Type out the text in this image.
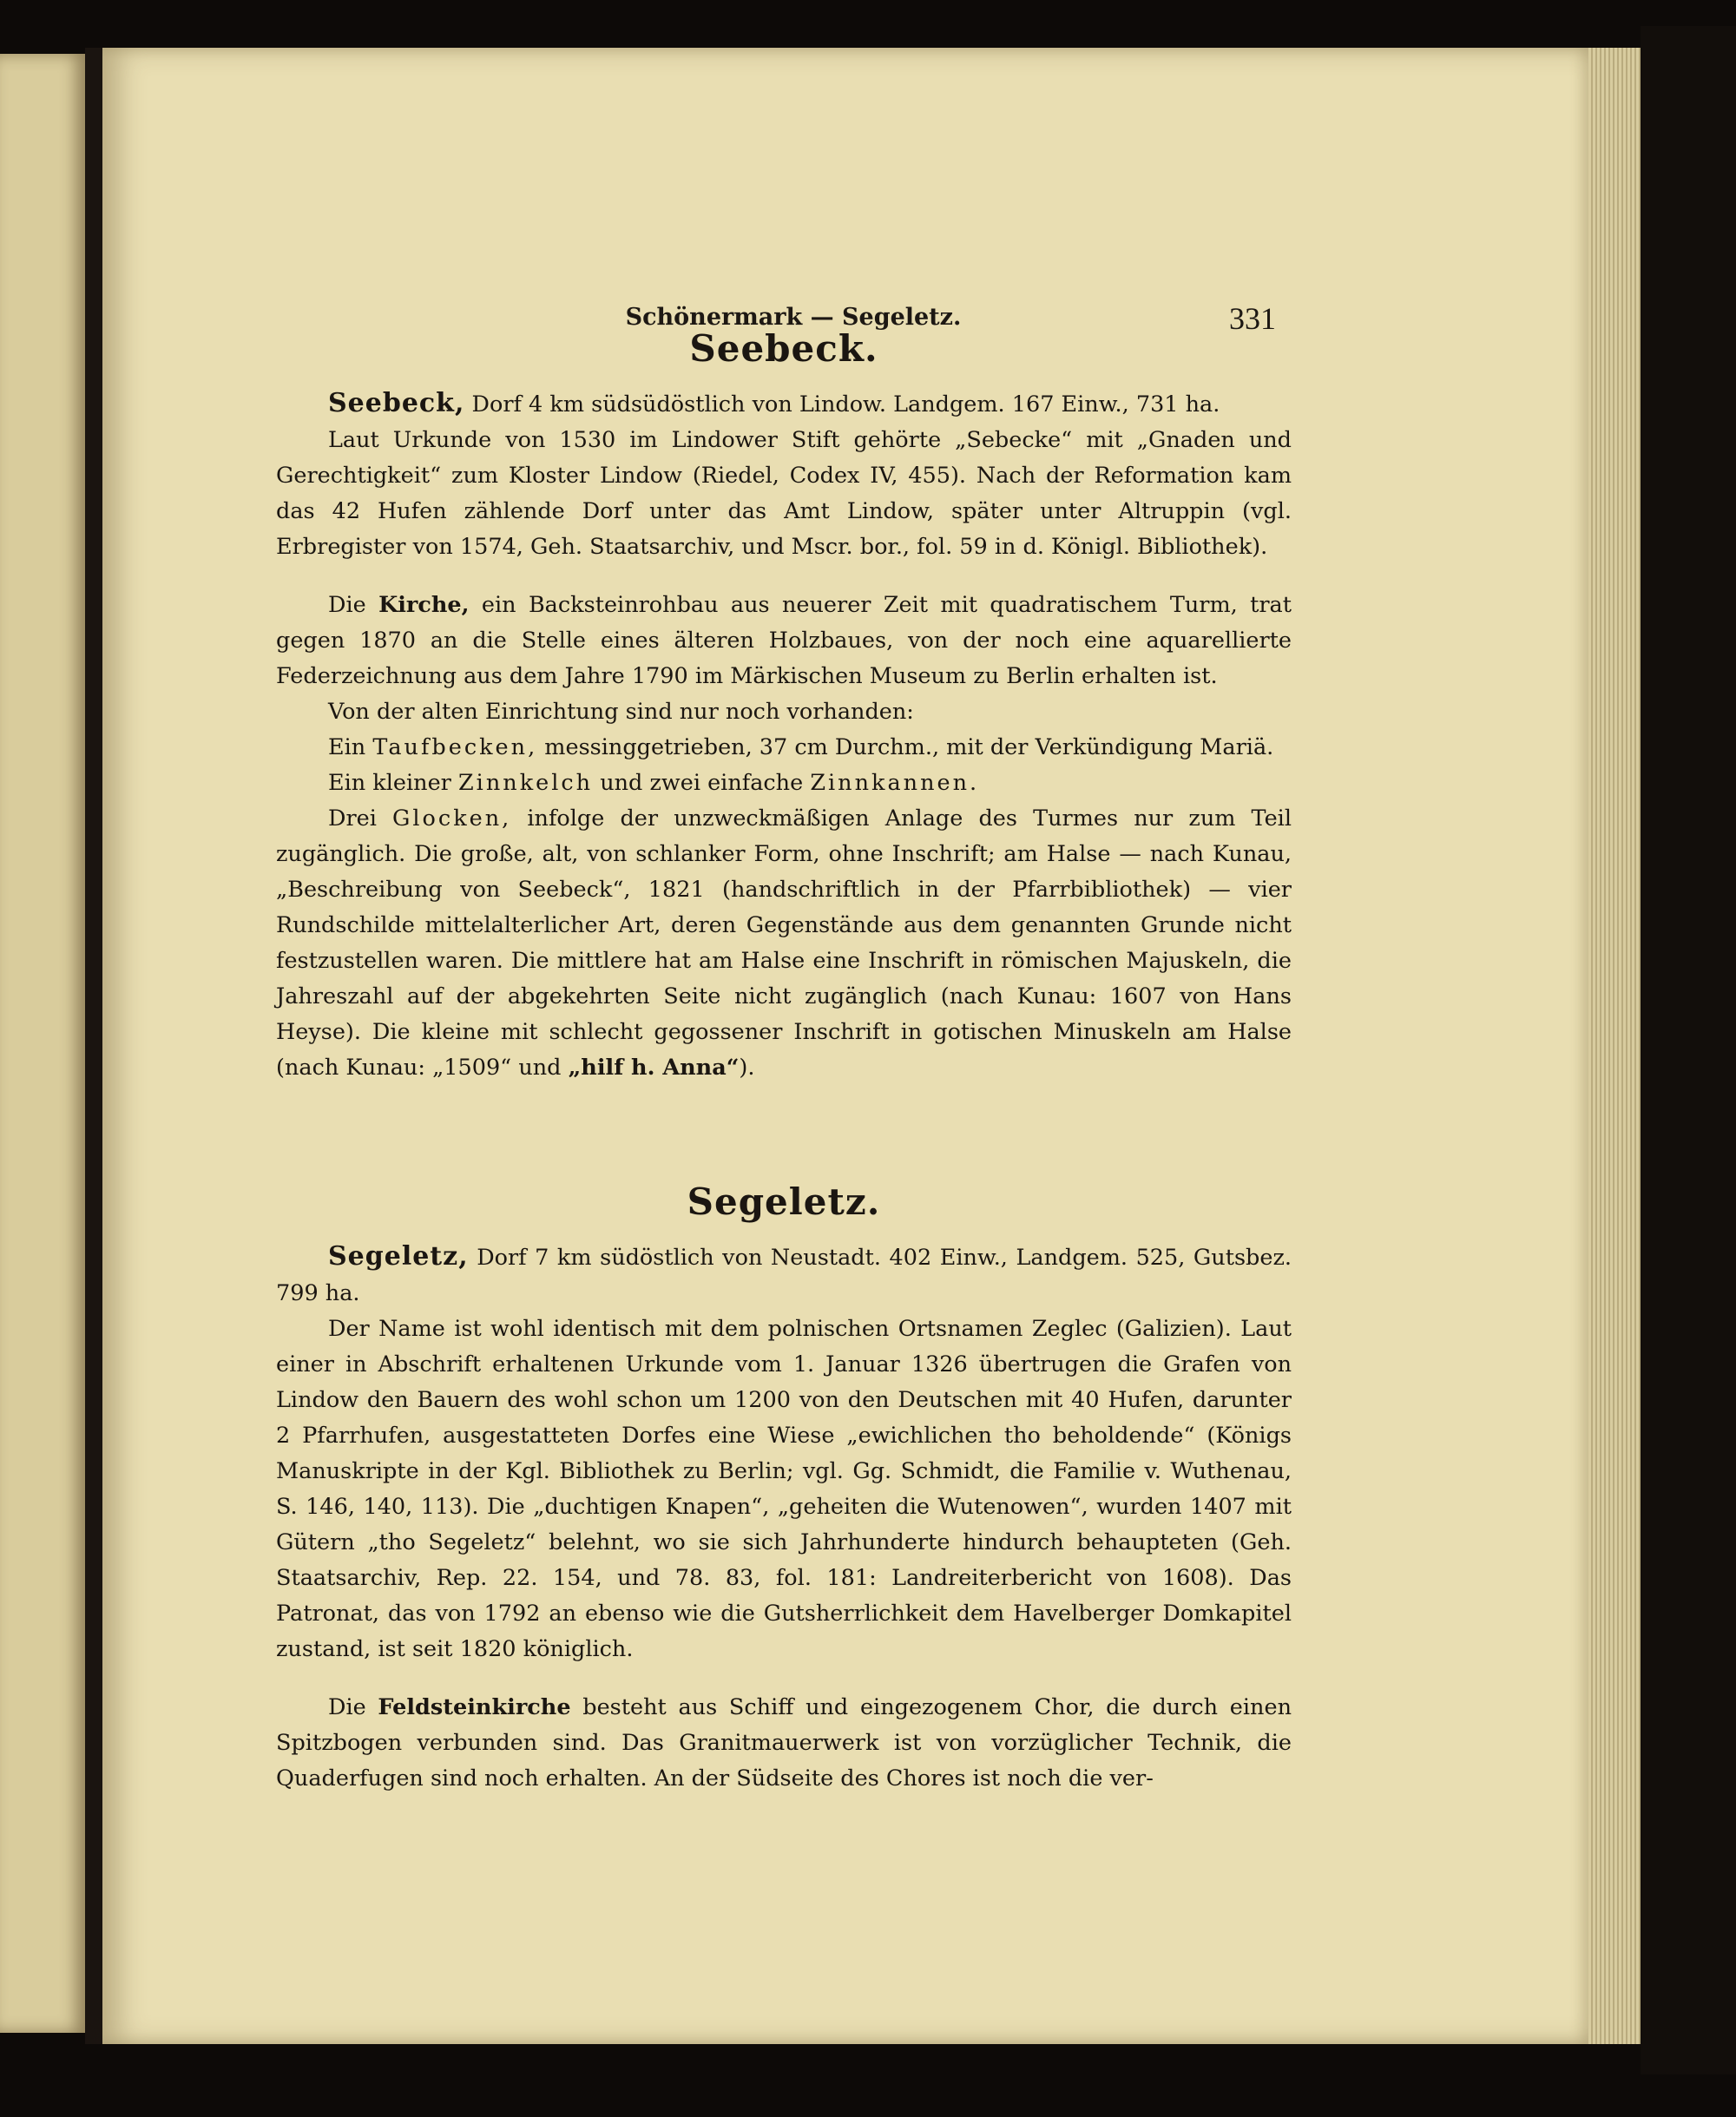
Schönermark — Segeletz.	331
Seebeck.

Seebeck, Dorf 4 km südsüdöstlich von Lindow. Landgem. 167 Einw., 731 ha.

Laut Urkunde von 1530 im Lindower Stift gehörte „Sebecke“ mit „Gnaden und Gerechtigkeit“ zum Kloster Lindow (Riedel, Codex IV, 455). Nach der Reformation kam das 42 Hufen zählende Dorf unter das Amt Lindow, später unter Altruppin (vgl. Erbregister von 1574, Geh. Staatsarchiv, und Mscr. bor., fol. 59 in d. Königl. Bibliothek).

Die Kirche, ein Backsteinrohbau aus neuerer Zeit mit quadratischem Turm, trat gegen 1870 an die Stelle eines älteren Holzbaues, von der noch eine aquarellierte Federzeichnung aus dem Jahre 1790 im Märkischen Museum zu Berlin erhalten ist.

Von der alten Einrichtung sind nur noch vorhanden:

Ein Taufbecken, messinggetrieben, 37 cm Durchm., mit der Verkündigung Mariä.

Ein kleiner Zinnkelch und zwei einfache Zinnkannen.

Drei Glocken, infolge der unzweckmäßigen Anlage des Turmes nur zum Teil zugänglich. Die große, alt, von schlanker Form, ohne Inschrift; am Halse — nach Kunau, „Beschreibung von Seebeck“, 1821 (handschriftlich in der Pfarrbibliothek) — vier Rundschilde mittelalterlicher Art, deren Gegenstände aus dem genannten Grunde nicht festzustellen waren. Die mittlere hat am Halse eine Inschrift in römischen Majuskeln, die Jahreszahl auf der abgekehrten Seite nicht zugänglich (nach Kunau: 1607 von Hans Heyse). Die kleine mit schlecht gegossener Inschrift in gotischen Minuskeln am Halse (nach Kunau: „1509“ und „hilf h. Anna“).

Segeletz.

Segeletz, Dorf 7 km südöstlich von Neustadt. 402 Einw., Landgem. 525, Gutsbez. 799 ha.

Der Name ist wohl identisch mit dem polnischen Ortsnamen Zeglec (Galizien). Laut einer in Abschrift erhaltenen Urkunde vom 1. Januar 1326 übertrugen die Grafen von Lindow den Bauern des wohl schon um 1200 von den Deutschen mit 40 Hufen, darunter 2 Pfarrhufen, ausgestatteten Dorfes eine Wiese „ewichlichen tho beholdende“ (Königs Manuskripte in der Kgl. Bibliothek zu Berlin; vgl. Gg. Schmidt, die Familie v. Wuthenau, S. 146, 140, 113). Die „duchtigen Knapen“, „geheiten die Wutenowen“, wurden 1407 mit Gütern „tho Segeletz“ belehnt, wo sie sich Jahrhunderte hindurch behaupteten (Geh. Staatsarchiv, Rep. 22. 154, und 78. 83, fol. 181: Landreiterbericht von 1608). Das Patronat, das von 1792 an ebenso wie die Gutsherrlichkeit dem Havelberger Domkapitel zustand, ist seit 1820 königlich.

Die Feldsteinkirche besteht aus Schiff und eingezogenem Chor, die durch einen Spitzbogen verbunden sind. Das Granitmauerwerk ist von vorzüglicher Technik, die Quaderfugen sind noch erhalten. An der Südseite des Chores ist noch die ver-
